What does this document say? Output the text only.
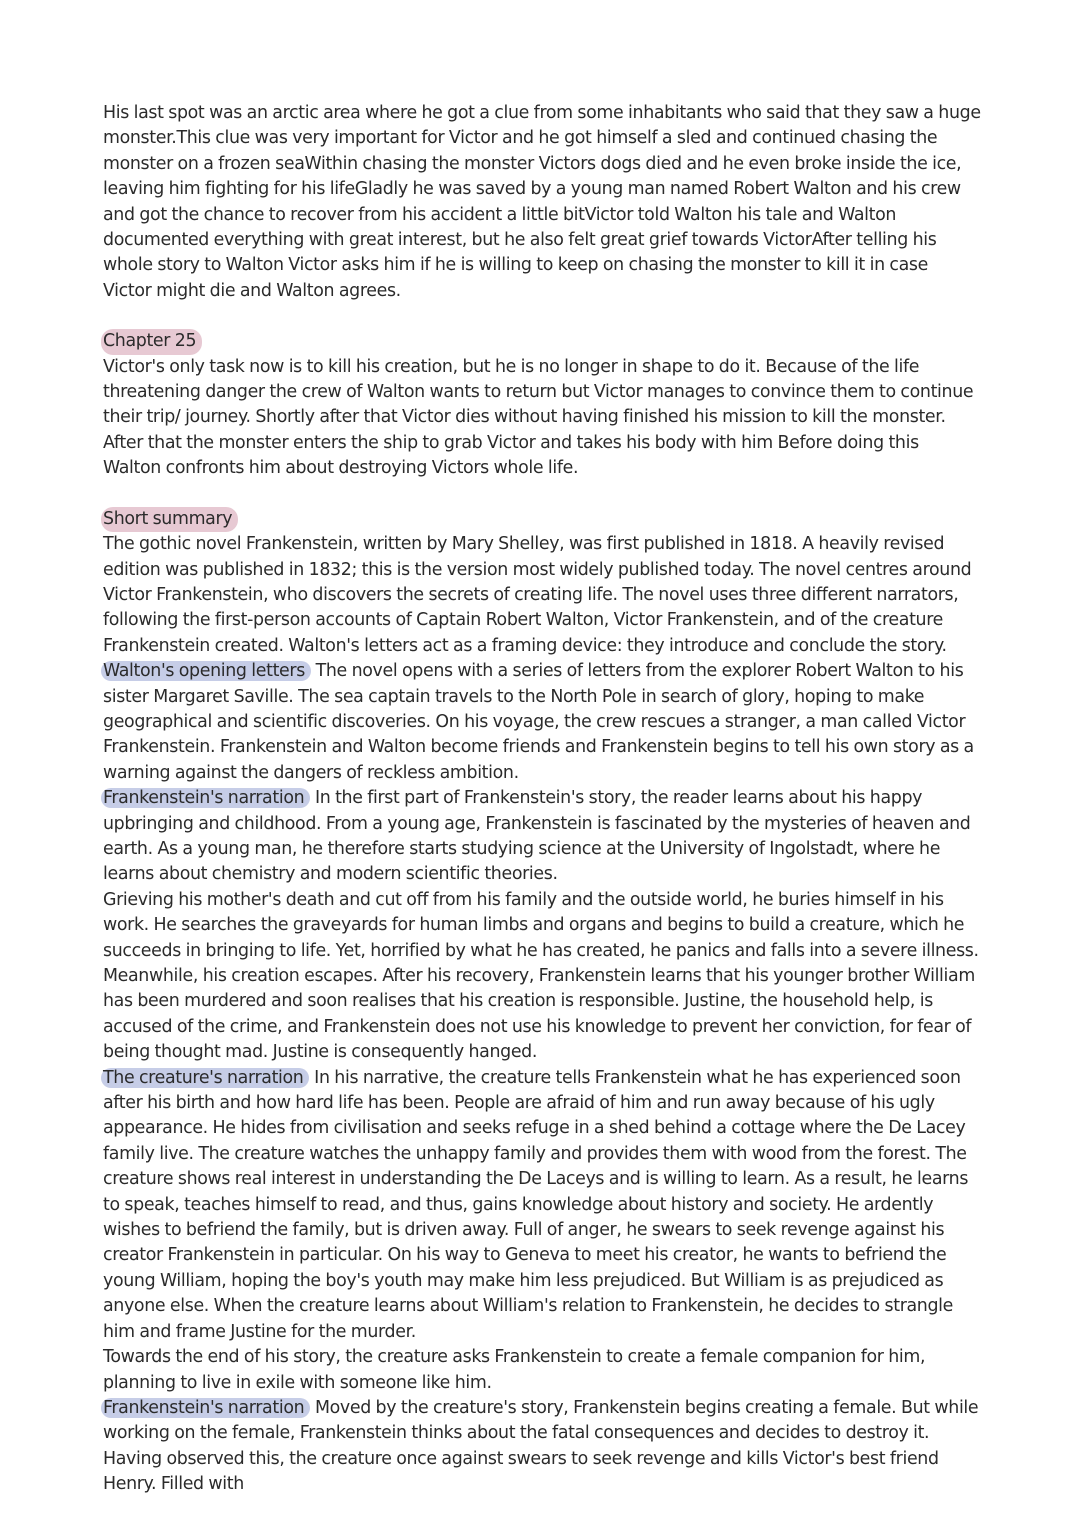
His last spot was an arctic area where he got a clue from some inhabitants who said that they saw a huge monster.This clue was very important for Victor and he got himself a sled and continued chasing the monster on a frozen seaWithin chasing the monster Victors dogs died and he even broke inside the ice, leaving him fighting for his lifeGladly he was saved by a young man named Robert Walton and his crew and got the chance to recover from his accident a little bitVictor told Walton his tale and Walton documented everything with great interest, but he also felt great grief towards VictorAfter telling his whole story to Walton Victor asks him if he is willing to keep on chasing the monster to kill it in case Victor might die and Walton agrees.

Chapter 25

Victor's only task now is to kill his creation, but he is no longer in shape to do it. Because of the life threatening danger the crew of Walton wants to return but Victor manages to convince them to continue their trip/ journey. Shortly after that Victor dies without having finished his mission to kill the monster. After that the monster enters the ship to grab Victor and takes his body with him Before doing this Walton confronts him about destroying Victors whole life.

Short summary

The gothic novel Frankenstein, written by Mary Shelley, was first published in 1818. A heavily revised edition was published in 1832; this is the version most widely published today. The novel centres around Victor Frankenstein, who discovers the secrets of creating life. The novel uses three different narrators, following the first-person accounts of Captain Robert Walton, Victor Frankenstein, and of the creature Frankenstein created. Walton's letters act as a framing device: they introduce and conclude the story.

Walton's opening letters The novel opens with a series of letters from the explorer Robert Walton to his sister Margaret Saville. The sea captain travels to the North Pole in search of glory, hoping to make geographical and scientific discoveries. On his voyage, the crew rescues a stranger, a man called Victor Frankenstein. Frankenstein and Walton become friends and Frankenstein begins to tell his own story as a warning against the dangers of reckless ambition.

Frankenstein's narration In the first part of Frankenstein's story, the reader learns about his happy upbringing and childhood. From a young age, Frankenstein is fascinated by the mysteries of heaven and earth. As a young man, he therefore starts studying science at the University of Ingolstadt, where he learns about chemistry and modern scientific theories.

Grieving his mother's death and cut off from his family and the outside world, he buries himself in his work. He searches the graveyards for human limbs and organs and begins to build a creature, which he succeeds in bringing to life. Yet, horrified by what he has created, he panics and falls into a severe illness. Meanwhile, his creation escapes. After his recovery, Frankenstein learns that his younger brother William has been murdered and soon realises that his creation is responsible. Justine, the household help, is accused of the crime, and Frankenstein does not use his knowledge to prevent her conviction, for fear of being thought mad. Justine is consequently hanged.

The creature's narration In his narrative, the creature tells Frankenstein what he has experienced soon after his birth and how hard life has been. People are afraid of him and run away because of his ugly appearance. He hides from civilisation and seeks refuge in a shed behind a cottage where the De Lacey family live. The creature watches the unhappy family and provides them with wood from the forest. The creature shows real interest in understanding the De Laceys and is willing to learn. As a result, he learns to speak, teaches himself to read, and thus, gains knowledge about history and society. He ardently wishes to befriend the family, but is driven away. Full of anger, he swears to seek revenge against his creator Frankenstein in particular. On his way to Geneva to meet his creator, he wants to befriend the young William, hoping the boy's youth may make him less prejudiced. But William is as prejudiced as anyone else. When the creature learns about William's relation to Frankenstein, he decides to strangle him and frame Justine for the murder.

Towards the end of his story, the creature asks Frankenstein to create a female companion for him, planning to live in exile with someone like him.

Frankenstein's narration Moved by the creature's story, Frankenstein begins creating a female. But while working on the female, Frankenstein thinks about the fatal consequences and decides to destroy it. Having observed this, the creature once against swears to seek revenge and kills Victor's best friend Henry. Filled with
